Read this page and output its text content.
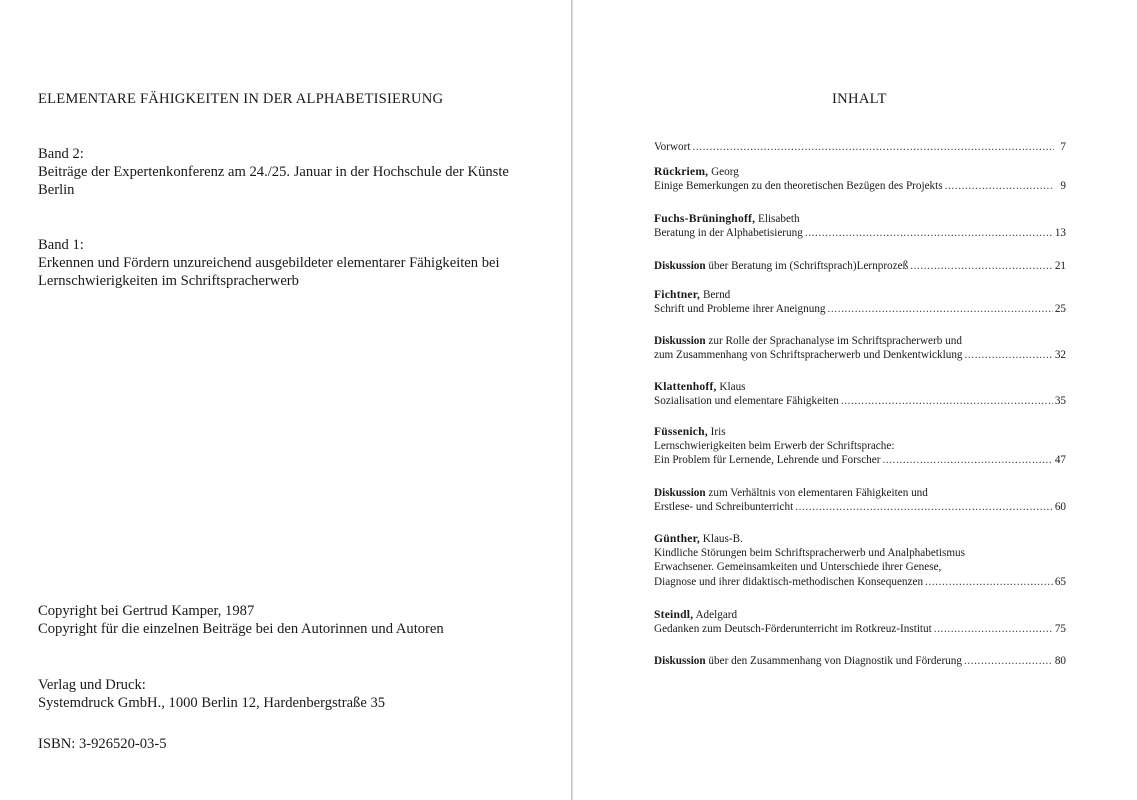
ELEMENTARE FÄHIGKEITEN IN DER ALPHABETISIERUNG

Band 2:
Beiträge der Expertenkonferenz am 24./25. Januar in der Hochschule der Künste
Berlin

Band 1:
Erkennen und Fördern unzureichend ausgebildeter elementarer Fähigkeiten bei
Lernschwierigkeiten im Schriftspracherwerb

Copyright bei Gertrud Kamper, 1987
Copyright für die einzelnen Beiträge bei den Autorinnen und Autoren

Verlag und Druck:
Systemdruck GmbH., 1000 Berlin 12, Hardenbergstraße 35

ISBN: 3-926520-03-5

INHALT

Vorwort .....	7
Rückriem, Georg
Einige Bemerkungen zu den theoretischen Bezügen des Projekts .....	9
Fuchs-Brüninghoff, Elisabeth
Beratung in der Alphabetisierung .....	13
Diskussion über Beratung im (Schriftsprach)Lernprozeß .....	21
Fichtner, Bernd
Schrift und Probleme ihrer Aneignung .....	25
Diskussion zur Rolle der Sprachanalyse im Schriftspracherwerb und
zum Zusammenhang von Schriftspracherwerb und Denkentwicklung .....	32
Klattenhoff, Klaus
Sozialisation und elementare Fähigkeiten .....	35
Füssenich, Iris
Lernschwierigkeiten beim Erwerb der Schriftsprache:
Ein Problem für Lernende, Lehrende und Forscher .....	47
Diskussion zum Verhältnis von elementaren Fähigkeiten und
Erstlese- und Schreibunterricht .....	60
Günther, Klaus-B.
Kindliche Störungen beim Schriftspracherwerb und Analphabetismus
Erwachsener. Gemeinsamkeiten und Unterschiede ihrer Genese,
Diagnose und ihrer didaktisch-methodischen Konsequenzen .....	65
Steindl, Adelgard
Gedanken zum Deutsch-Förderunterricht im Rotkreuz-Institut .....	75
Diskussion über den Zusammenhang von Diagnostik und Förderung .....	80
